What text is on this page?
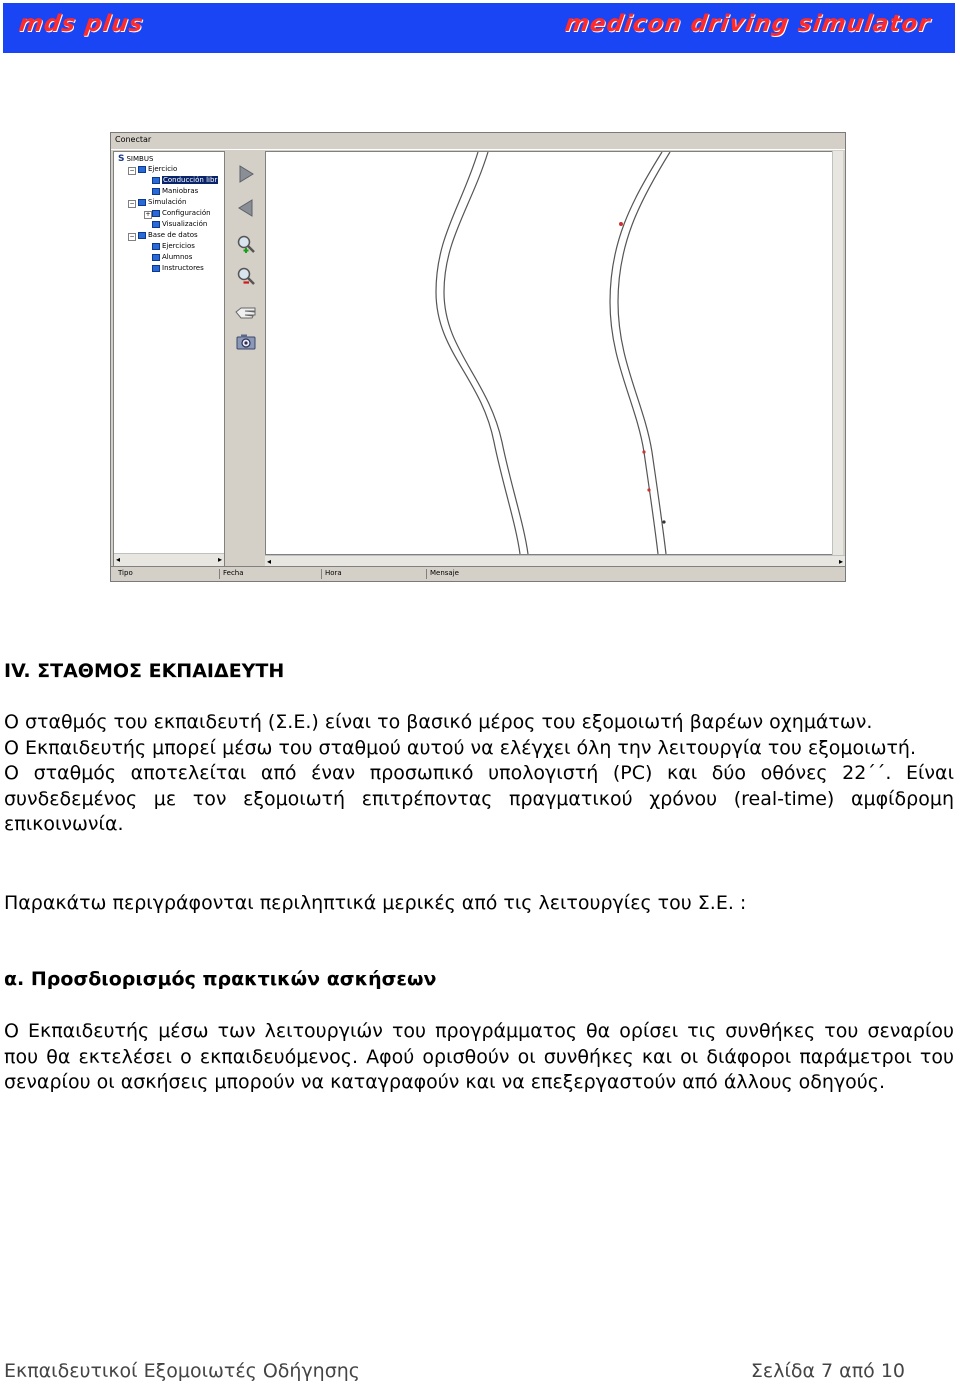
mds plus	medicon driving simulator
Conectar
S SIMBUS
−	Ejercicio
Conducción libr
Maniobras
−	Simulación
+	Configuración
Visualización
−	Base de datos
Ejercicios
Alumnos
Instructores
◂	▸	◂	▸
Tipo	Fecha	Hora	Mensaje
IV. ΣΤΑΘΜΟΣ ΕΚΠΑΙΔΕΥΤΗ

Ο σταθμός του εκπαιδευτή (Σ.Ε.) είναι το βασικό μέρος του εξομοιωτή βαρέων οχημάτων.

Ο Εκπαιδευτής μπορεί μέσω του σταθμού αυτού να ελέγχει όλη την λειτουργία του εξομοιωτή.

Ο σταθμός αποτελείται από έναν προσωπικό υπολογιστή (PC) και δύο οθόνες 22΄΄. Είναι συνδεδεμένος με τον εξομοιωτή επιτρέποντας πραγματικού χρόνου (real-time) αμφίδρομη επικοινωνία.

Παρακάτω περιγράφονται περιληπτικά μερικές από τις λειτουργίες του Σ.Ε. :
α. Προσδιορισμός πρακτικών ασκήσεων
Ο Εκπαιδευτής μέσω των λειτουργιών του προγράμματος θα ορίσει τις συνθήκες του σεναρίου που θα εκτελέσει ο εκπαιδευόμενος. Αφού ορισθούν οι συνθήκες και οι διάφοροι παράμετροι του σεναρίου οι ασκήσεις μπορούν να καταγραφούν και να επεξεργαστούν από άλλους οδηγούς.
Εκπαιδευτικοί Εξομοιωτές Οδήγησης	Σελίδα 7 από 10
